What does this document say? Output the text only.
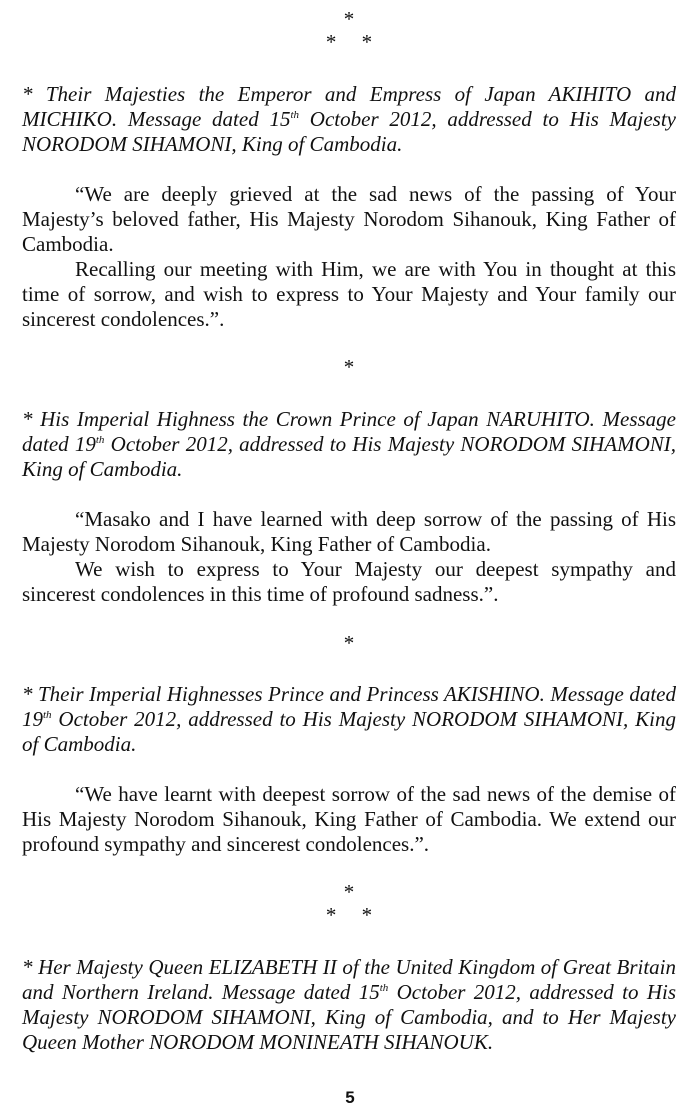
*
* *

* Their Majesties the Emperor and Empress of Japan AKIHITO and MICHIKO. Message dated 15th October 2012, addressed to His Majesty NORODOM SIHAMONI, King of Cambodia.

“We are deeply grieved at the sad news of the passing of Your Majesty’s beloved father, His Majesty Norodom Sihanouk, King Father of Cambodia.

Recalling our meeting with Him, we are with You in thought at this time of sorrow, and wish to express to Your Majesty and Your family our sincerest condolences.”.

*

* His Imperial Highness the Crown Prince of Japan NARUHITO. Message dated 19th October 2012, addressed to His Majesty NORODOM SIHAMONI, King of Cambodia.

“Masako and I have learned with deep sorrow of the passing of His Majesty Norodom Sihanouk, King Father of Cambodia.

We wish to express to Your Majesty our deepest sympathy and sincerest condolences in this time of profound sadness.”.

*

* Their Imperial Highnesses Prince and Princess AKISHINO. Message dated 19th October 2012, addressed to His Majesty NORODOM SIHAMONI, King of Cambodia.

“We have learnt with deepest sorrow of the sad news of the demise of His Majesty Norodom Sihanouk, King Father of Cambodia. We extend our profound sympathy and sincerest condolences.”.

*
* *

* Her Majesty Queen ELIZABETH II of the United Kingdom of Great Britain and Northern Ireland. Message dated 15th October 2012, addressed to His Majesty NORODOM SIHAMONI, King of Cambodia, and to Her Majesty Queen Mother NORODOM MONINEATH SIHANOUK.

5
